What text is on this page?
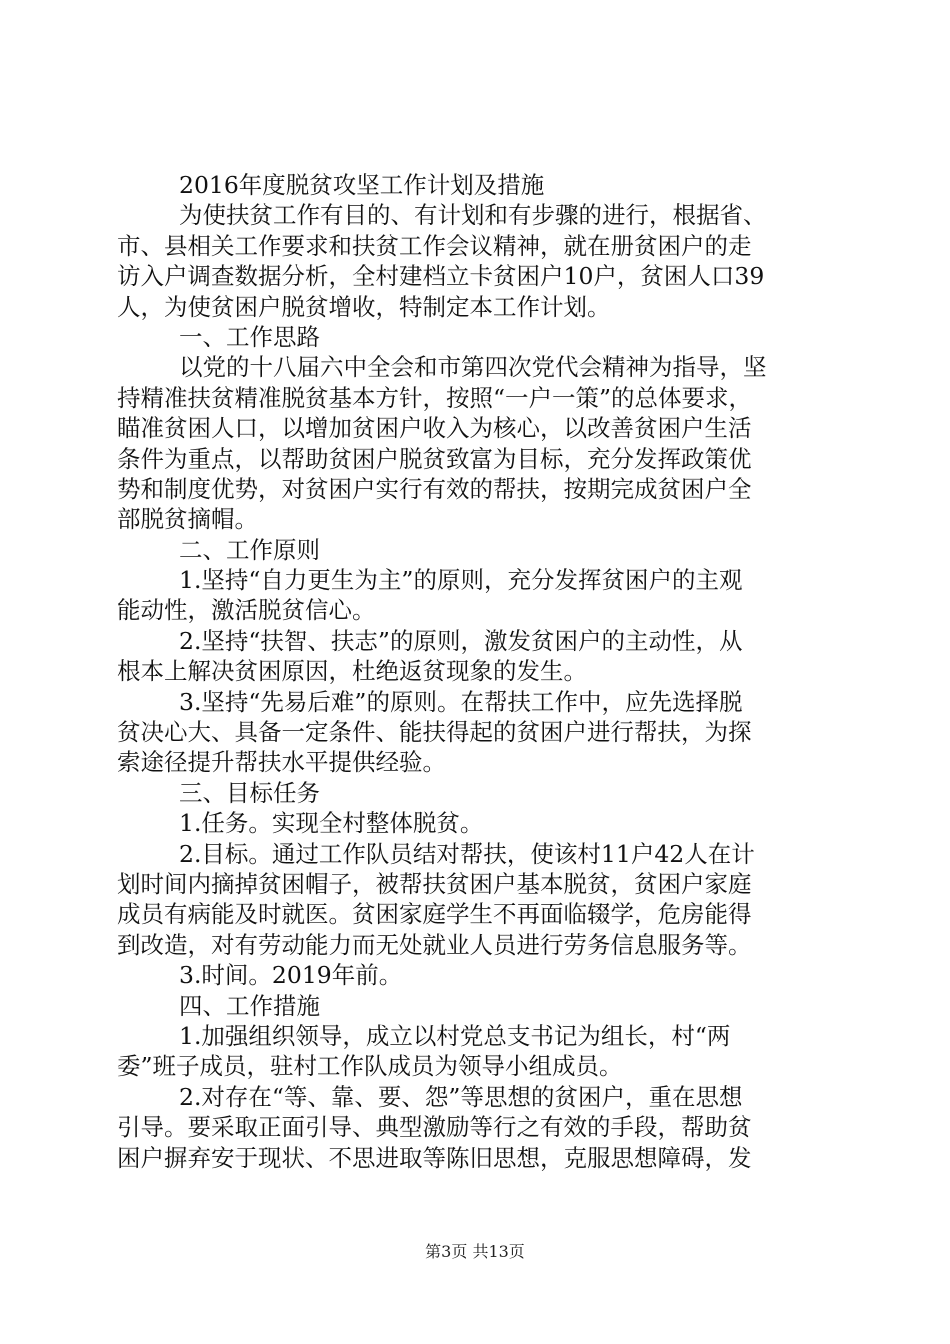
2016年度脱贫攻坚工作计划及措施
为使扶贫工作有目的、有计划和有步骤的进行，根据省、
市、县相关工作要求和扶贫工作会议精神，就在册贫困户的走
访入户调查数据分析，全村建档立卡贫困户10户，贫困人口39
人，为使贫困户脱贫增收，特制定本工作计划。
一、工作思路
以党的十八届六中全会和市第四次党代会精神为指导，坚
持精准扶贫精准脱贫基本方针，按照“一户一策”的总体要求，
瞄准贫困人口，以增加贫困户收入为核心，以改善贫困户生活
条件为重点，以帮助贫困户脱贫致富为目标，充分发挥政策优
势和制度优势，对贫困户实行有效的帮扶，按期完成贫困户全
部脱贫摘帽。
二、工作原则
1.坚持“自力更生为主”的原则，充分发挥贫困户的主观
能动性，激活脱贫信心。
2.坚持“扶智、扶志”的原则，激发贫困户的主动性，从
根本上解决贫困原因，杜绝返贫现象的发生。
3.坚持“先易后难”的原则。在帮扶工作中，应先选择脱
贫决心大、具备一定条件、能扶得起的贫困户进行帮扶，为探
索途径提升帮扶水平提供经验。
三、目标任务
1.任务。实现全村整体脱贫。
2.目标。通过工作队员结对帮扶，使该村11户42人在计
划时间内摘掉贫困帽子，被帮扶贫困户基本脱贫，贫困户家庭
成员有病能及时就医。贫困家庭学生不再面临辍学，危房能得
到改造，对有劳动能力而无处就业人员进行劳务信息服务等。
3.时间。2019年前。
四、工作措施
1.加强组织领导，成立以村党总支书记为组长，村“两
委”班子成员，驻村工作队成员为领导小组成员。
2.对存在“等、靠、要、怨”等思想的贫困户，重在思想
引导。要采取正面引导、典型激励等行之有效的手段，帮助贫
困户摒弃安于现状、不思进取等陈旧思想，克服思想障碍，发
第3页 共13页
